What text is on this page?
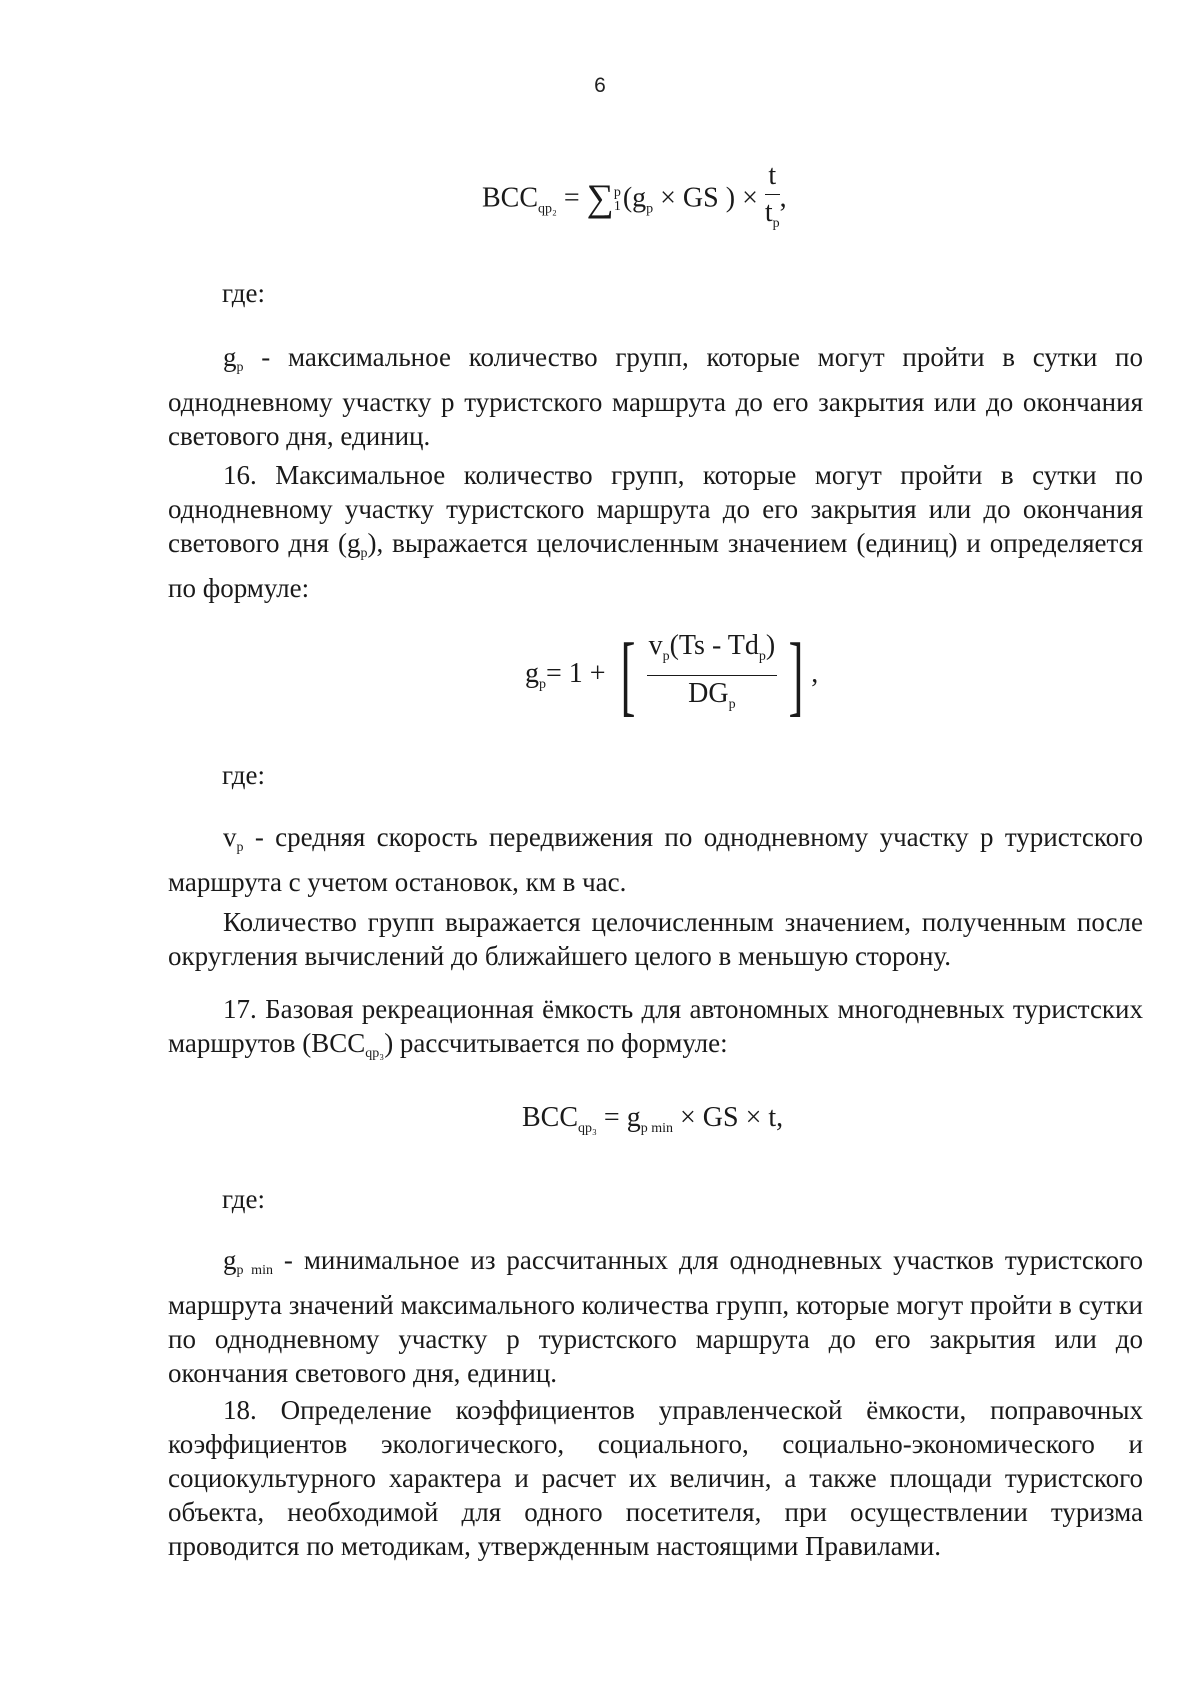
6
$BCC_{qp_2}$ = ∑ p
1 ($g_p$ × GS ) × $\frac{t}{t_p}$ ,
где:

$g_p$ - максимальное количество групп, которые могут пройти в сутки по однодневному участку р туристского маршрута до его закрытия или до окончания светового дня, единиц.

16. Максимальное количество групп, которые могут пройти в сутки по однодневному участку туристского маршрута до его закрытия или до окончания светового дня $(g_p)$, выражается целочисленным значением (единиц) и определяется по формуле:

$g_p= 1$ + [ $\frac{v_p(Ts - Td_p)}{DG_p}$ ] ,
где:

$v_p$ - средняя скорость передвижения по однодневному участку р туристского маршрута с учетом остановок, км в час.

Количество групп выражается целочисленным значением, полученным после округления вычислений до ближайшего целого в меньшую сторону.

17. Базовая рекреационная ёмкость для автономных многодневных туристских маршрутов $(BCC_{qp_3})$ рассчитывается по формуле:

$BCC_{qp_3} = g_{p min}$ × GS × t,
где:

$g_{p min}$ - минимальное из рассчитанных для однодневных участков туристского маршрута значений максимального количества групп, которые могут пройти в сутки по однодневному участку р туристского маршрута до его закрытия или до окончания светового дня, единиц.

18. Определение коэффициентов управленческой ёмкости, поправочных коэффициентов экологического, социального, социально-экономического и социокультурного характера и расчет их величин, а также площади туристского объекта, необходимой для одного посетителя, при осуществлении туризма проводится по методикам, утвержденным настоящими Правилами.
